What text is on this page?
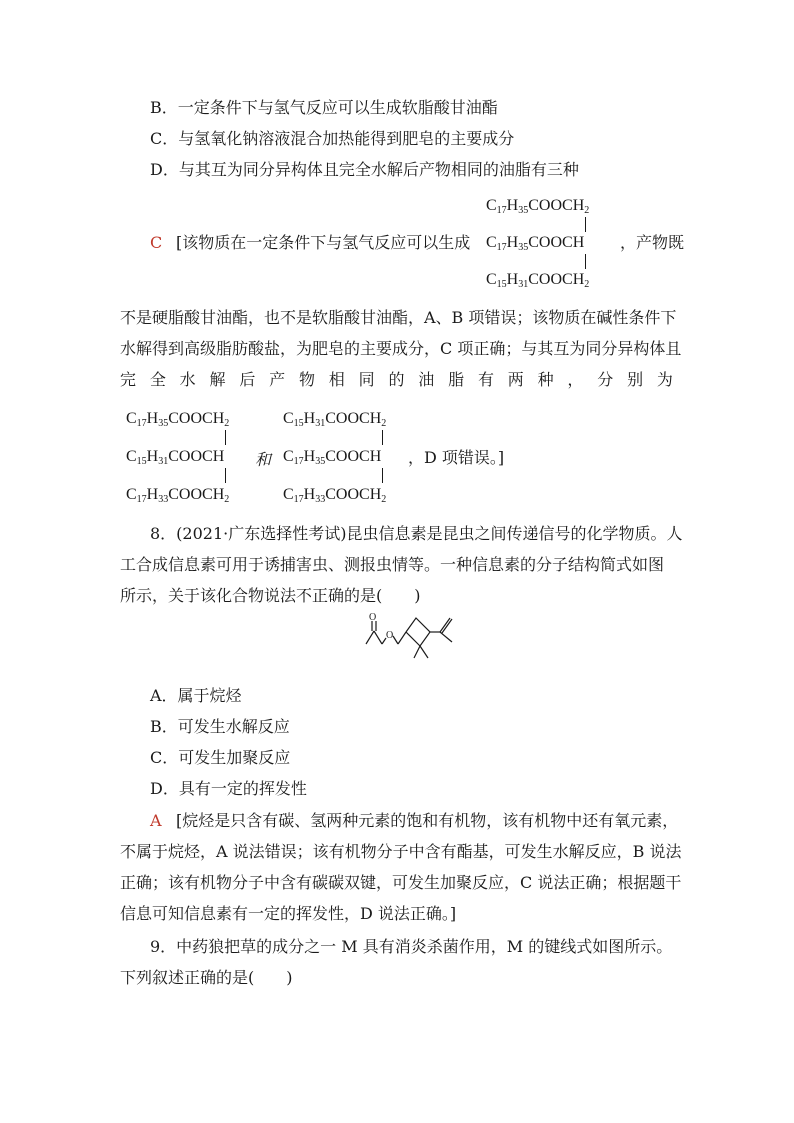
B．一定条件下与氢气反应可以生成软脂酸甘油酯
C．与氢氧化钠溶液混合加热能得到肥皂的主要成分
D．与其互为同分异构体且完全水解后产物相同的油脂有三种
$C_{17}H_{35}COOCH_2$
$C_{17}H_{35}COOCH$
$C_{15}H_{31}COOCH_2$
C [该物质在一定条件下与氢气反应可以生成	，产物既
不是硬脂酸甘油酯，也不是软脂酸甘油酯，A、B 项错误；该物质在碱性条件下
水解得到高级脂肪酸盐，为肥皂的主要成分，C 项正确；与其互为同分异构体且
完 全 水 解 后 产 物 相 同 的 油 脂 有 两 种 ， 分 别 为
$C_{17}H_{35}COOCH_2$
$C_{15}H_{31}COOCH$
$C_{17}H_{33}COOCH_2$
和
$C_{15}H_{31}COOCH_2$
$C_{17}H_{35}COOCH$
$C_{17}H_{33}COOCH_2$
，D 项错误。]
8．(2021·广东选择性考试)昆虫信息素是昆虫之间传递信号的化学物质。人
工合成信息素可用于诱捕害虫、测报虫情等。一种信息素的分子结构简式如图
所示，关于该化合物说法不正确的是(　　)
O
O
A．属于烷烃
B．可发生水解反应
C．可发生加聚反应
D．具有一定的挥发性
A [烷烃是只含有碳、氢两种元素的饱和有机物，该有机物中还有氧元素，
不属于烷烃，A 说法错误；该有机物分子中含有酯基，可发生水解反应，B 说法
正确；该有机物分子中含有碳碳双键，可发生加聚反应，C 说法正确；根据题干
信息可知信息素有一定的挥发性，D 说法正确。]
9．中药狼把草的成分之一 M 具有消炎杀菌作用，M 的键线式如图所示。
下列叙述正确的是(　　)
